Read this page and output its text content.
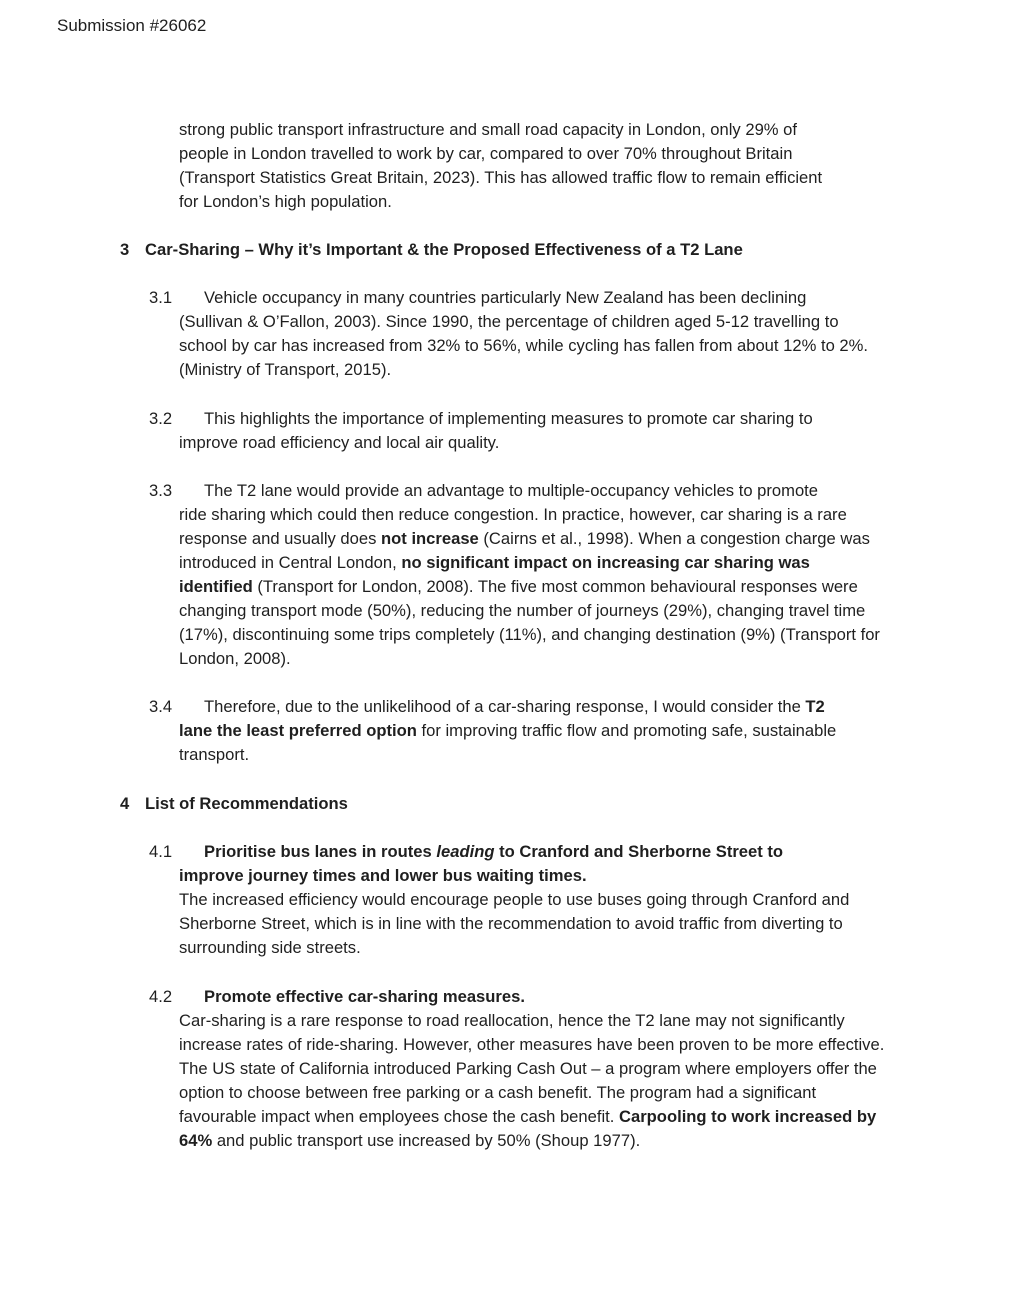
Submission #26062
strong public transport infrastructure and small road capacity in London, only 29% of
people in London travelled to work by car, compared to over 70% throughout Britain
(Transport Statistics Great Britain, 2023). This has allowed traffic flow to remain efficient
for London’s high population.
3 Car-Sharing – Why it’s Important & the Proposed Effectiveness of a T2 Lane
3.1 Vehicle occupancy in many countries particularly New Zealand has been declining
(Sullivan & O’Fallon, 2003). Since 1990, the percentage of children aged 5-12 travelling to school by car has increased from 32% to 56%, while cycling has fallen from about 12% to 2%. (Ministry of Transport, 2015).
3.2 This highlights the importance of implementing measures to promote car sharing to
improve road efficiency and local air quality.
3.3 The T2 lane would provide an advantage to multiple-occupancy vehicles to promote
ride sharing which could then reduce congestion. In practice, however, car sharing is a rare response and usually does not increase (Cairns et al., 1998). When a congestion charge was introduced in Central London, no significant impact on increasing car sharing was identified (Transport for London, 2008). The five most common behavioural responses were changing transport mode (50%), reducing the number of journeys (29%), changing travel time (17%), discontinuing some trips completely (11%), and changing destination (9%) (Transport for London, 2008).
3.4 Therefore, due to the unlikelihood of a car-sharing response, I would consider the T2
lane the least preferred option for improving traffic flow and promoting safe, sustainable transport.
4 List of Recommendations
4.1 Prioritise bus lanes in routes leading to Cranford and Sherborne Street to
improve journey times and lower bus waiting times.
The increased efficiency would encourage people to use buses going through Cranford and Sherborne Street, which is in line with the recommendation to avoid traffic from diverting to surrounding side streets.
4.2 Promote effective car-sharing measures.
Car-sharing is a rare response to road reallocation, hence the T2 lane may not significantly increase rates of ride-sharing. However, other measures have been proven to be more effective. The US state of California introduced Parking Cash Out – a program where employers offer the option to choose between free parking or a cash benefit. The program had a significant favourable impact when employees chose the cash benefit. Carpooling to work increased by 64% and public transport use increased by 50% (Shoup 1977).
